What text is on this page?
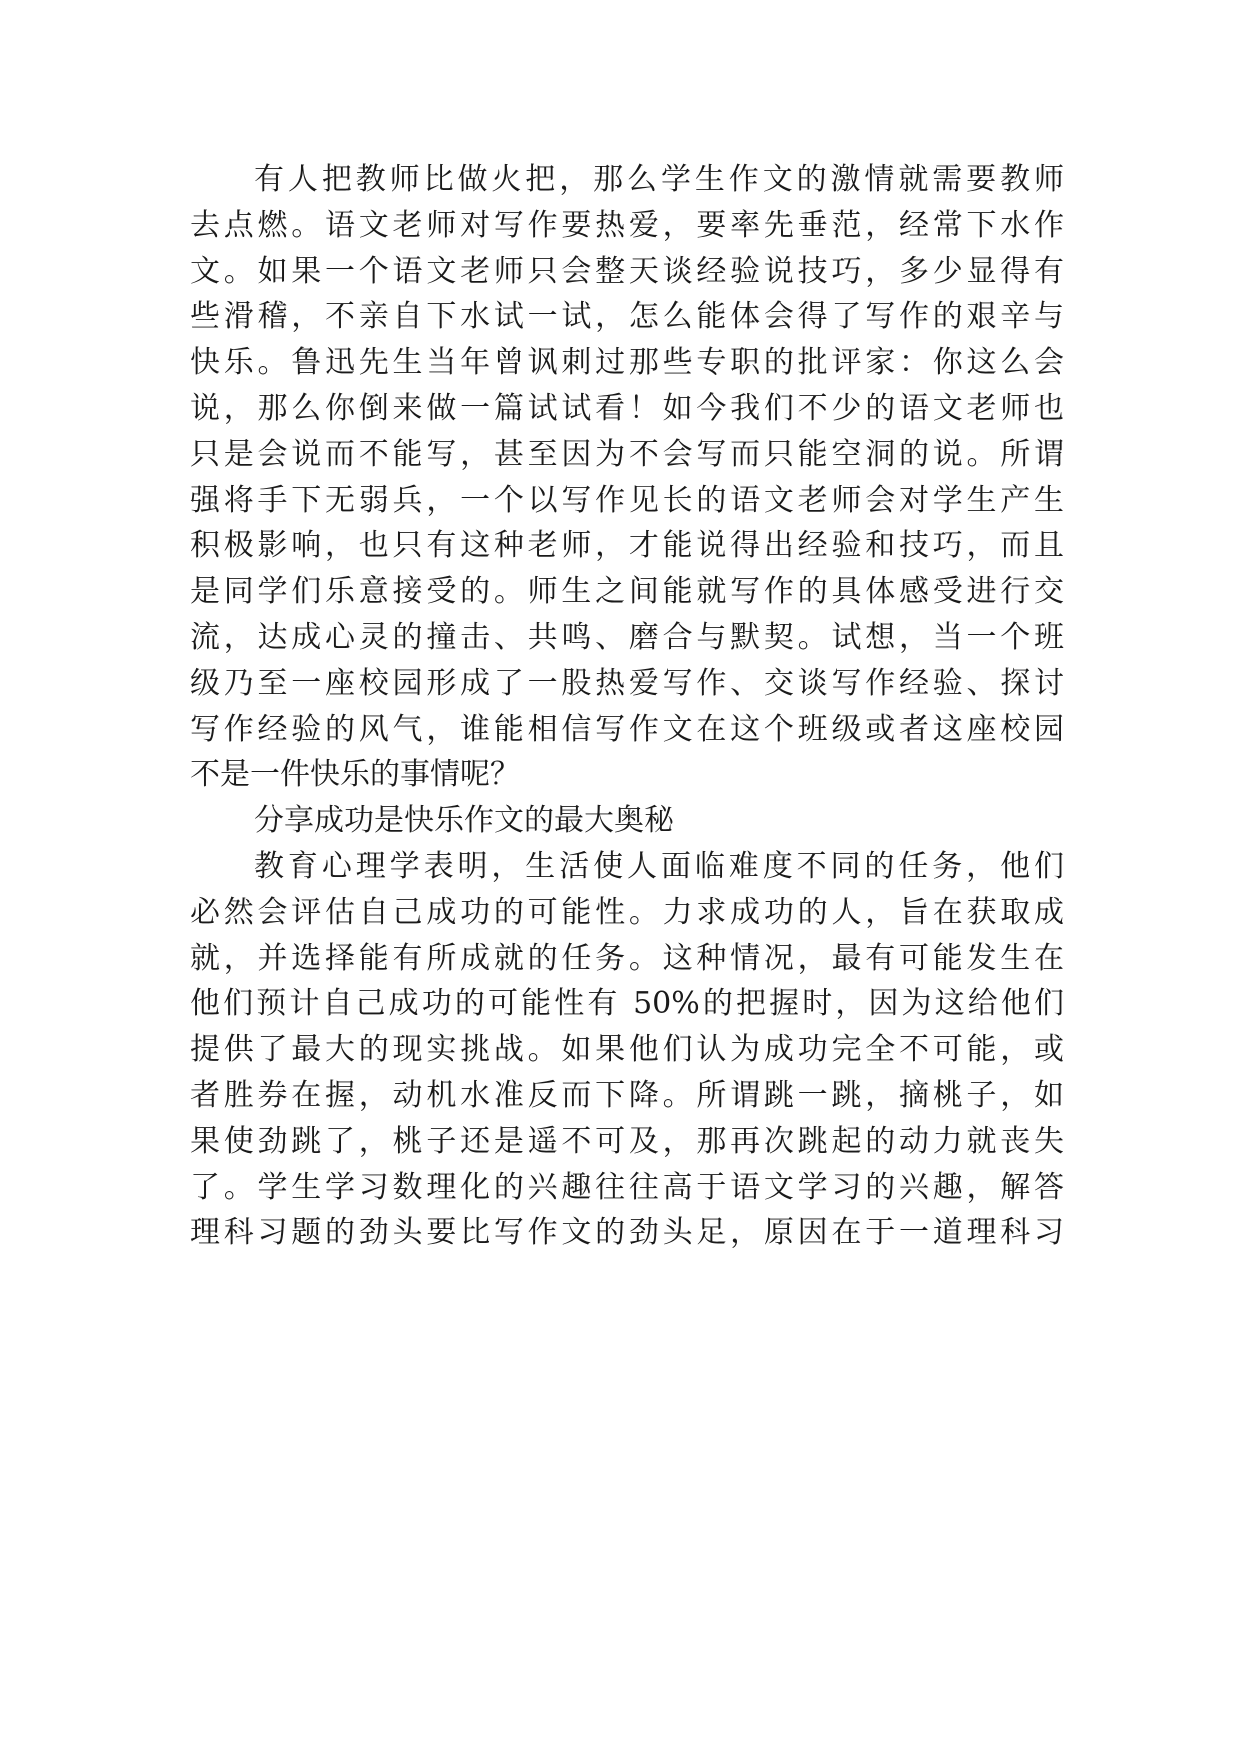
有人把教师比做火把，那么学生作文的激情就需要教师
去点燃。语文老师对写作要热爱，要率先垂范，经常下水作
文。如果一个语文老师只会整天谈经验说技巧，多少显得有
些滑稽，不亲自下水试一试，怎么能体会得了写作的艰辛与
快乐。鲁迅先生当年曾讽刺过那些专职的批评家：你这么会
说，那么你倒来做一篇试试看！如今我们不少的语文老师也
只是会说而不能写，甚至因为不会写而只能空洞的说。所谓
强将手下无弱兵，一个以写作见长的语文老师会对学生产生
积极影响，也只有这种老师，才能说得出经验和技巧，而且
是同学们乐意接受的。师生之间能就写作的具体感受进行交
流，达成心灵的撞击、共鸣、磨合与默契。试想，当一个班
级乃至一座校园形成了一股热爱写作、交谈写作经验、探讨
写作经验的风气，谁能相信写作文在这个班级或者这座校园
不是一件快乐的事情呢？
分享成功是快乐作文的最大奥秘
教育心理学表明，生活使人面临难度不同的任务，他们
必然会评估自己成功的可能性。力求成功的人，旨在获取成
就，并选择能有所成就的任务。这种情况，最有可能发生在
他们预计自己成功的可能性有 50%的把握时，因为这给他们
提供了最大的现实挑战。如果他们认为成功完全不可能，或
者胜券在握，动机水准反而下降。所谓跳一跳，摘桃子，如
果使劲跳了，桃子还是遥不可及，那再次跳起的动力就丧失
了。学生学习数理化的兴趣往往高于语文学习的兴趣，解答
理科习题的劲头要比写作文的劲头足，原因在于一道理科习
